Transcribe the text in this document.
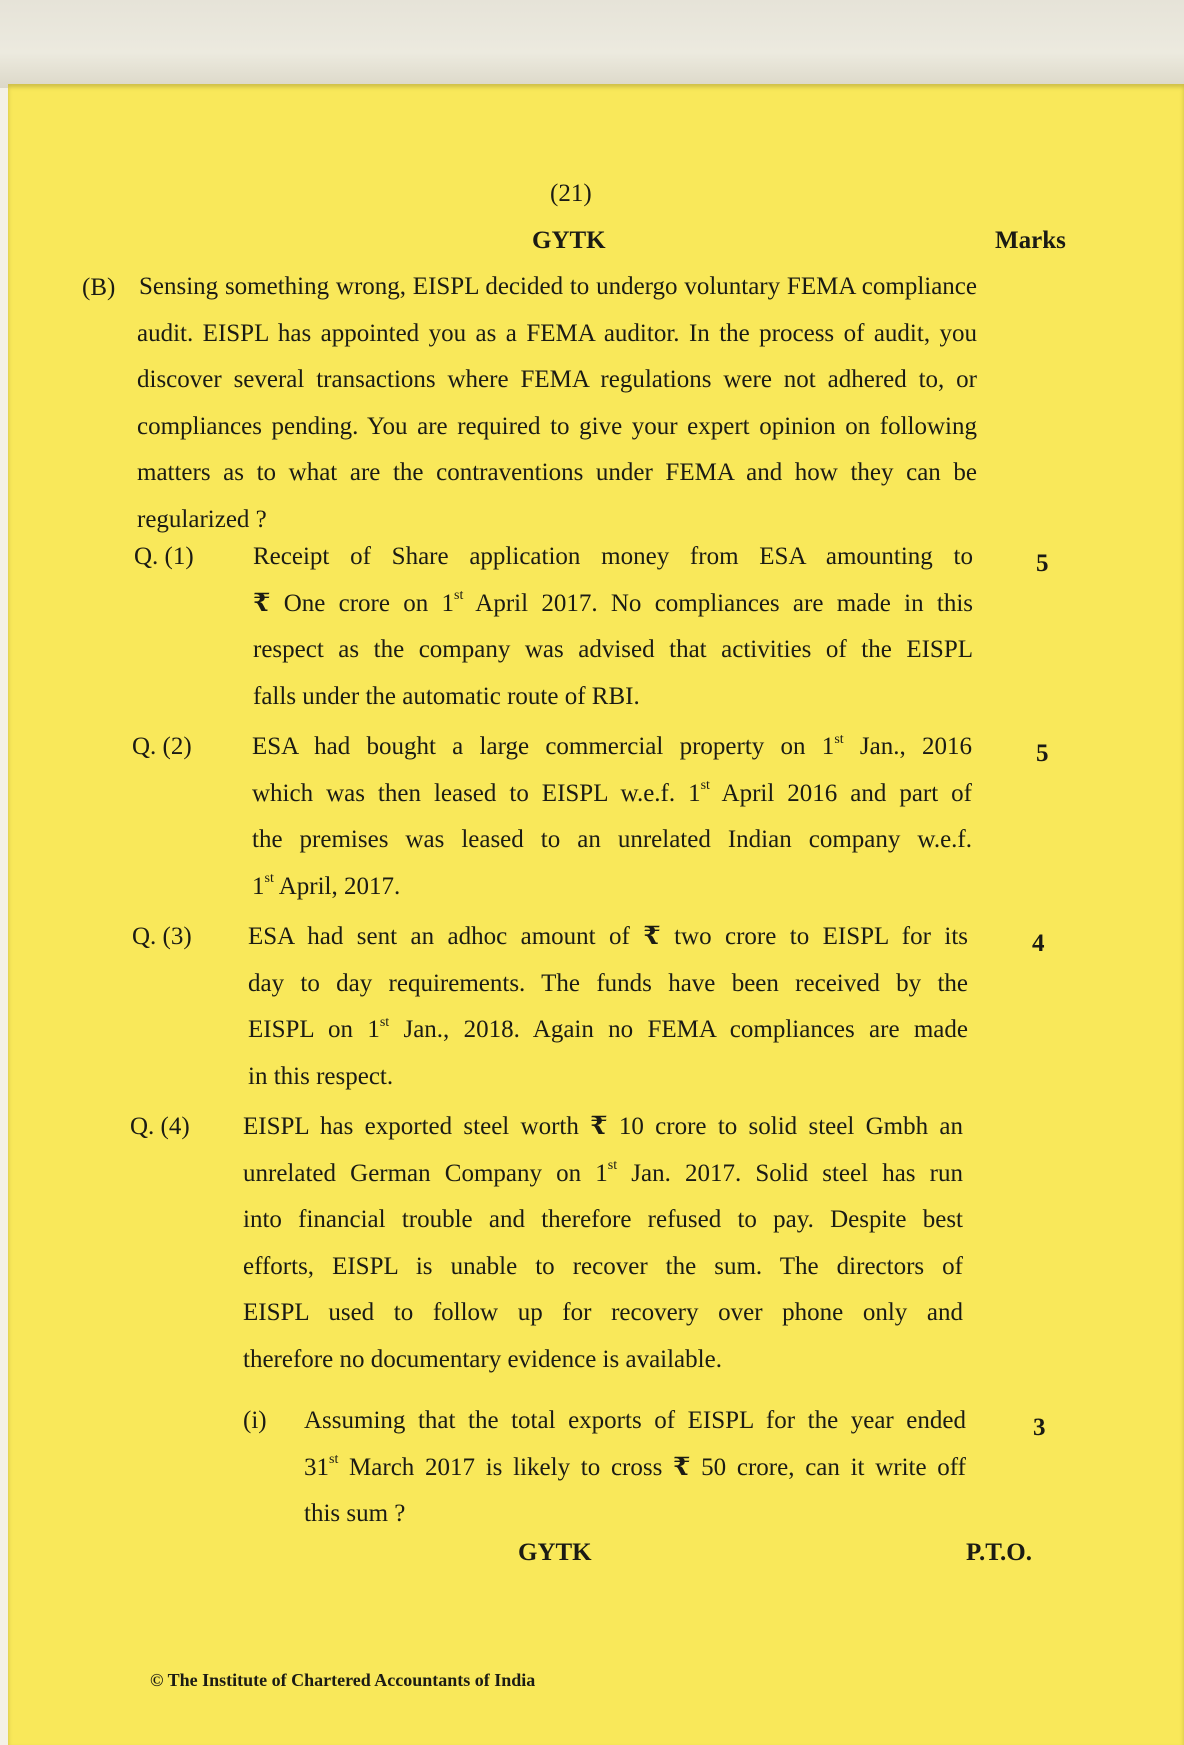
(21)
GYTK	Marks
(B) Sensing something wrong, EISPL decided to undergo voluntary FEMA compliance audit. EISPL has appointed you as a FEMA auditor. In the process of audit, you discover several transactions where FEMA regulations were not adhered to, or compliances pending. You are required to give your expert opinion on following matters as to what are the contraventions under FEMA and how they can be regularized ?
Q. (1)	5
Receipt of Share application money from ESA amounting to
₹ One crore on 1st April 2017. No compliances are made in this
respect as the company was advised that activities of the EISPL
falls under the automatic route of RBI.
Q. (2)	5
ESA had bought a large commercial property on 1st Jan., 2016
which was then leased to EISPL w.e.f. 1st April 2016 and part of
the premises was leased to an unrelated Indian company w.e.f.
1st April, 2017.
Q. (3)	4
ESA had sent an adhoc amount of ₹ two crore to EISPL for its
day to day requirements. The funds have been received by the
EISPL on 1st Jan., 2018. Again no FEMA compliances are made
in this respect.
Q. (4) EISPL has exported steel worth ₹ 10 crore to solid steel Gmbh an
unrelated German Company on 1st Jan. 2017. Solid steel has run
into financial trouble and therefore refused to pay. Despite best
efforts, EISPL is unable to recover the sum. The directors of
EISPL used to follow up for recovery over phone only and
therefore no documentary evidence is available.
(i)	3
Assuming that the total exports of EISPL for the year ended
31st March 2017 is likely to cross ₹ 50 crore, can it write off
this sum ?
GYTK	P.T.O.
© The Institute of Chartered Accountants of India
